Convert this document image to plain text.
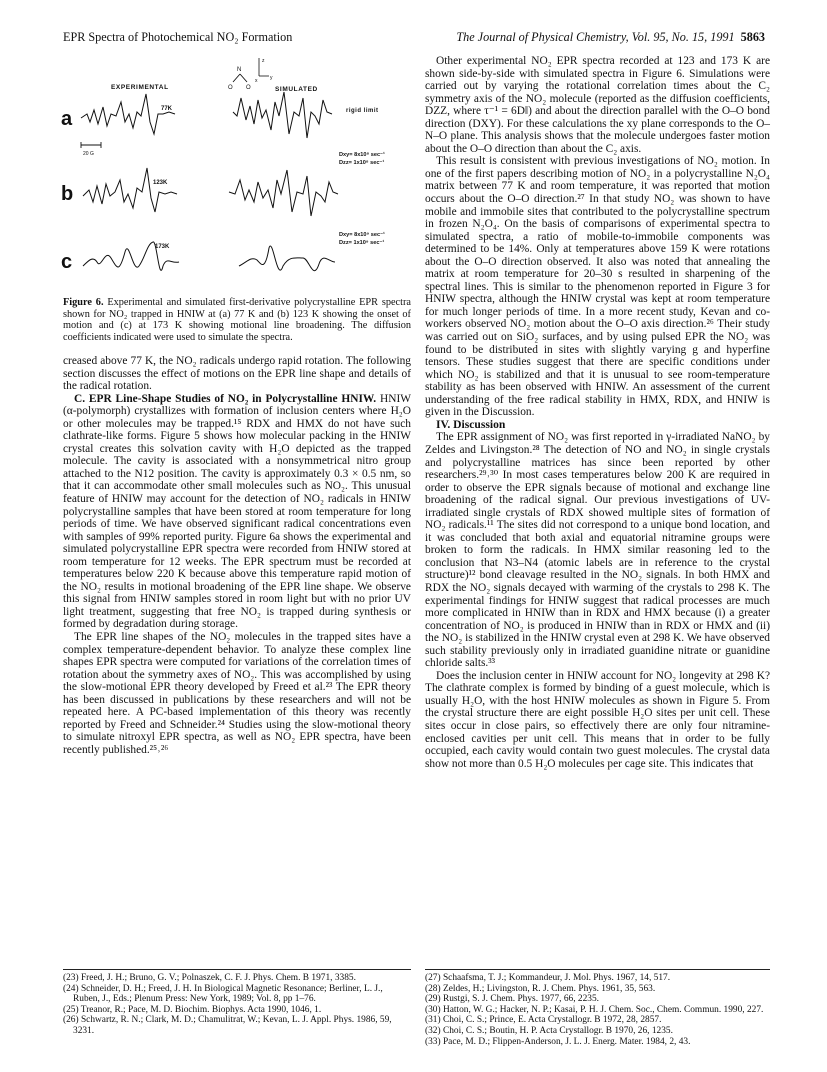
EPR Spectra of Photochemical NO₂ Formation	The Journal of Physical Chemistry, Vol. 95, No. 15, 1991 5863
EXPERIMENTAL	SIMULATED
N
O O
z
x	y
a	77K	rigid limit
20 G
b	123K
Dxy= 8x10⁸ sec⁻¹
Dzz= 1x10⁸ sec⁻¹
c
173K
Dxy= 8x10⁹ sec⁻¹
Dzz= 1x10⁹ sec⁻¹
Figure 6. Experimental and simulated first-derivative polycrystalline EPR spectra shown for NO₂ trapped in HNIW at (a) 77 K and (b) 123 K showing the onset of motion and (c) at 173 K showing motional line broadening. The diffusion coefficients indicated were used to simulate the spectra.

creased above 77 K, the NO₂ radicals undergo rapid rotation. The following section discusses the effect of motions on the EPR line shape and details of the radical rotation.

C. EPR Line-Shape Studies of NO₂ in Polycrystalline HNIW. HNIW (α-polymorph) crystallizes with formation of inclusion centers where H₂O or other molecules may be trapped.¹⁵ RDX and HMX do not have such clathrate-like forms. Figure 5 shows how molecular packing in the HNIW crystal creates this solvation cavity with H₂O depicted as the trapped molecule. The cavity is associated with a nonsymmetrical nitro group attached to the N12 position. The cavity is approximately 0.3 × 0.5 nm, so that it can accommodate other small molecules such as NO₂. This unusual feature of HNIW may account for the detection of NO₂ radicals in HNIW polycrystalline samples that have been stored at room temperature for long periods of time. We have observed significant radical concentrations even with samples of 99% reported purity. Figure 6a shows the experimental and simulated polycrystalline EPR spectra were recorded from HNIW stored at room temperature for 12 weeks. The EPR spectrum must be recorded at temperatures below 220 K because above this temperature rapid motion of the NO₂ results in motional broadening of the EPR line shape. We observe this signal from HNIW samples stored in room light but with no prior UV light treatment, suggesting that free NO₂ is trapped during synthesis or formed by degradation during storage.

The EPR line shapes of the NO₂ molecules in the trapped sites have a complex temperature-dependent behavior. To analyze these complex line shapes EPR spectra were computed for variations of the correlation times of rotation about the symmetry axes of NO₂. This was accomplished by using the slow-motional EPR theory developed by Freed et al.²³ The EPR theory has been discussed in publications by these researchers and will not be repeated here. A PC-based implementation of this theory was recently reported by Freed and Schneider.²⁴ Studies using the slow-motional theory to simulate nitroxyl EPR spectra, as well as NO₂ EPR spectra, have been recently published.²⁵˒²⁶

Other experimental NO₂ EPR spectra recorded at 123 and 173 K are shown side-by-side with simulated spectra in Figure 6. Simulations were carried out by varying the rotational correlation times about the C₂ symmetry axis of the NO₂ molecule (reported as the diffusion coefficients, DZZ, where τ⁻¹ = 6D‖) and about the direction parallel with the O–O bond direction (DXY). For these calculations the xy plane corresponds to the O–N–O plane. This analysis shows that the molecule undergoes faster motion about the O–O direction than about the C₂ axis.

This result is consistent with previous investigations of NO₂ motion. In one of the first papers describing motion of NO₂ in a polycrystalline N₂O₄ matrix between 77 K and room temperature, it was reported that motion occurs about the O–O direction.²⁷ In that study NO₂ was shown to have mobile and immobile sites that contributed to the polycrystalline spectrum in frozen N₂O₄. On the basis of comparisons of experimental spectra to simulated spectra, a ratio of mobile-to-immobile components was determined to be 14%. Only at temperatures above 159 K were rotations about the O–O direction observed. It also was noted that annealing the matrix at room temperature for 20–30 s resulted in sharpening of the spectral lines. This is similar to the phenomenon reported in Figure 3 for HNIW spectra, although the HNIW crystal was kept at room temperature for much longer periods of time. In a more recent study, Kevan and co-workers observed NO₂ motion about the O–O axis direction.²⁶ Their study was carried out on SiO₂ surfaces, and by using pulsed EPR the NO₂ was found to be distributed in sites with slightly varying g and hyperfine tensors. These studies suggest that there are specific conditions under which NO₂ is stabilized and that it is unusual to see room-temperature stability as has been observed with HNIW. An assessment of the current understanding of the free radical stability in HMX, RDX, and HNIW is given in the Discussion.

IV. Discussion

The EPR assignment of NO₂ was first reported in γ-irradiated NaNO₂ by Zeldes and Livingston.²⁸ The detection of NO and NO₂ in single crystals and polycrystalline matrices has since been reported by other researchers.²⁹˒³⁰ In most cases temperatures below 200 K are required in order to observe the EPR signals because of motional and exchange line broadening of the radical signal. Our previous investigations of UV-irradiated single crystals of RDX showed multiple sites of formation of NO₂ radicals.¹¹ The sites did not correspond to a unique bond location, and it was concluded that both axial and equatorial nitramine groups were broken to form the radicals. In HMX similar reasoning led to the conclusion that N3–N4 (atomic labels are in reference to the crystal structure)¹² bond cleavage resulted in the NO₂ signals. In both HMX and RDX the NO₂ signals decayed with warming of the crystals to 298 K. The experimental findings for HNIW suggest that radical processes are much more complicated in HNIW than in RDX and HMX because (i) a greater concentration of NO₂ is produced in HNIW than in RDX or HMX and (ii) the NO₂ is stabilized in the HNIW crystal even at 298 K. We have observed such stability previously only in irradiated guanidine nitrate or guanidine chloride salts.³³

Does the inclusion center in HNIW account for NO₂ longevity at 298 K? The clathrate complex is formed by binding of a guest molecule, which is usually H₂O, with the host HNIW molecules as shown in Figure 5. From the crystal structure there are eight possible H₂O sites per unit cell. These sites occur in close pairs, so effectively there are only four nitramine-enclosed cavities per unit cell. This means that in order to be fully occupied, each cavity would contain two guest molecules. The crystal data show not more than 0.5 H₂O molecules per cage site. This indicates that

(23) Freed, J. H.; Bruno, G. V.; Polnaszek, C. F. J. Phys. Chem. B 1971, 3385.

(24) Schneider, D. H.; Freed, J. H. In Biological Magnetic Resonance; Berliner, L. J., Ruben, J., Eds.; Plenum Press: New York, 1989; Vol. 8, pp 1–76.

(25) Treanor, R.; Pace, M. D. Biochim. Biophys. Acta 1990, 1046, 1.

(26) Schwartz, R. N.; Clark, M. D.; Chamulitrat, W.; Kevan, L. J. Appl. Phys. 1986, 59, 3231.

(27) Schaafsma, T. J.; Kommandeur, J. Mol. Phys. 1967, 14, 517.

(28) Zeldes, H.; Livingston, R. J. Chem. Phys. 1961, 35, 563.

(29) Rustgi, S. J. Chem. Phys. 1977, 66, 2235.

(30) Hatton, W. G.; Hacker, N. P.; Kasai, P. H. J. Chem. Soc., Chem. Commun. 1990, 227.

(31) Choi, C. S.; Prince, E. Acta Crystallogr. B 1972, 28, 2857.

(32) Choi, C. S.; Boutin, H. P. Acta Crystallogr. B 1970, 26, 1235.

(33) Pace, M. D.; Flippen-Anderson, J. L. J. Energ. Mater. 1984, 2, 43.
